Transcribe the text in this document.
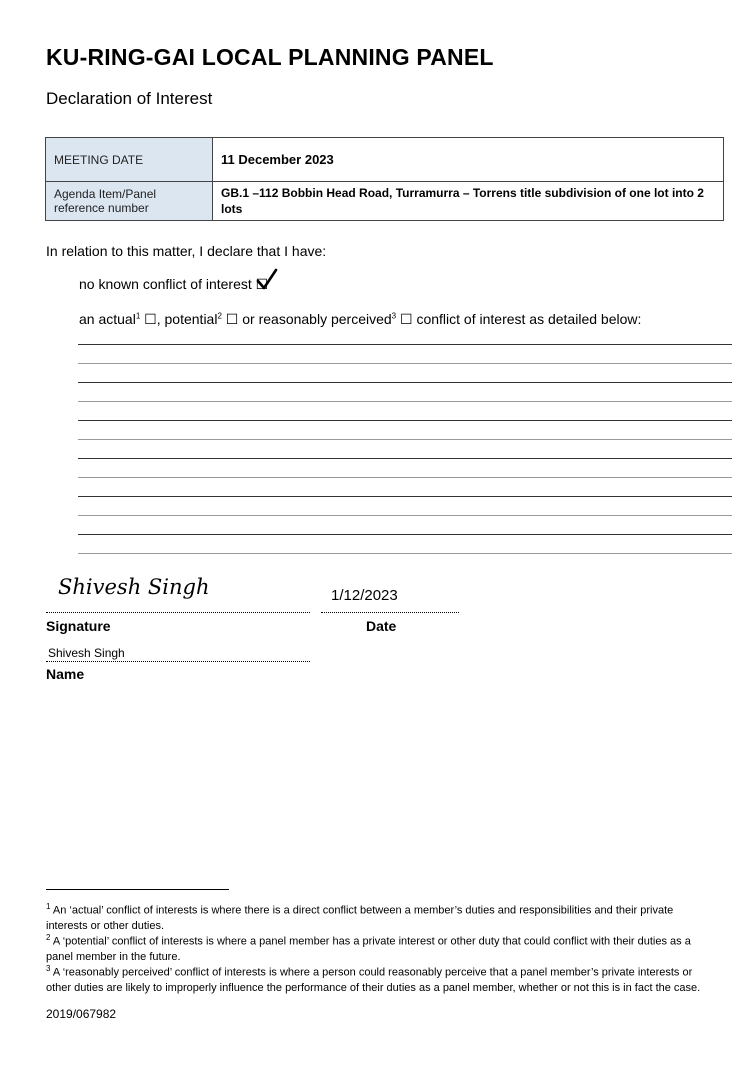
KU-RING-GAI LOCAL PLANNING PANEL
Declaration of Interest
MEETING DATE	11 December 2023
Agenda Item/Panel reference number	GB.1 –112 Bobbin Head Road, Turramurra – Torrens title subdivision of one lot into 2 lots
In relation to this matter, I declare that I have:
no known conflict of interest ☐
an actual$^1$ ☐, potential$^2$ ☐ or reasonably perceived$^3$ ☐ conflict of interest as detailed below:
Shivesh Singh	1/12/2023
Signature	Date
Shivesh Singh
Name
$^1$ An ‘actual’ conflict of interests is where there is a direct conflict between a member’s duties and responsibilities and their private interests or other duties.
$^2$ A ‘potential’ conflict of interests is where a panel member has a private interest or other duty that could conflict with their duties as a panel member in the future.
$^3$ A ‘reasonably perceived’ conflict of interests is where a person could reasonably perceive that a panel member’s private interests or other duties are likely to improperly influence the performance of their duties as a panel member, whether or not this is in fact the case.
2019/067982
